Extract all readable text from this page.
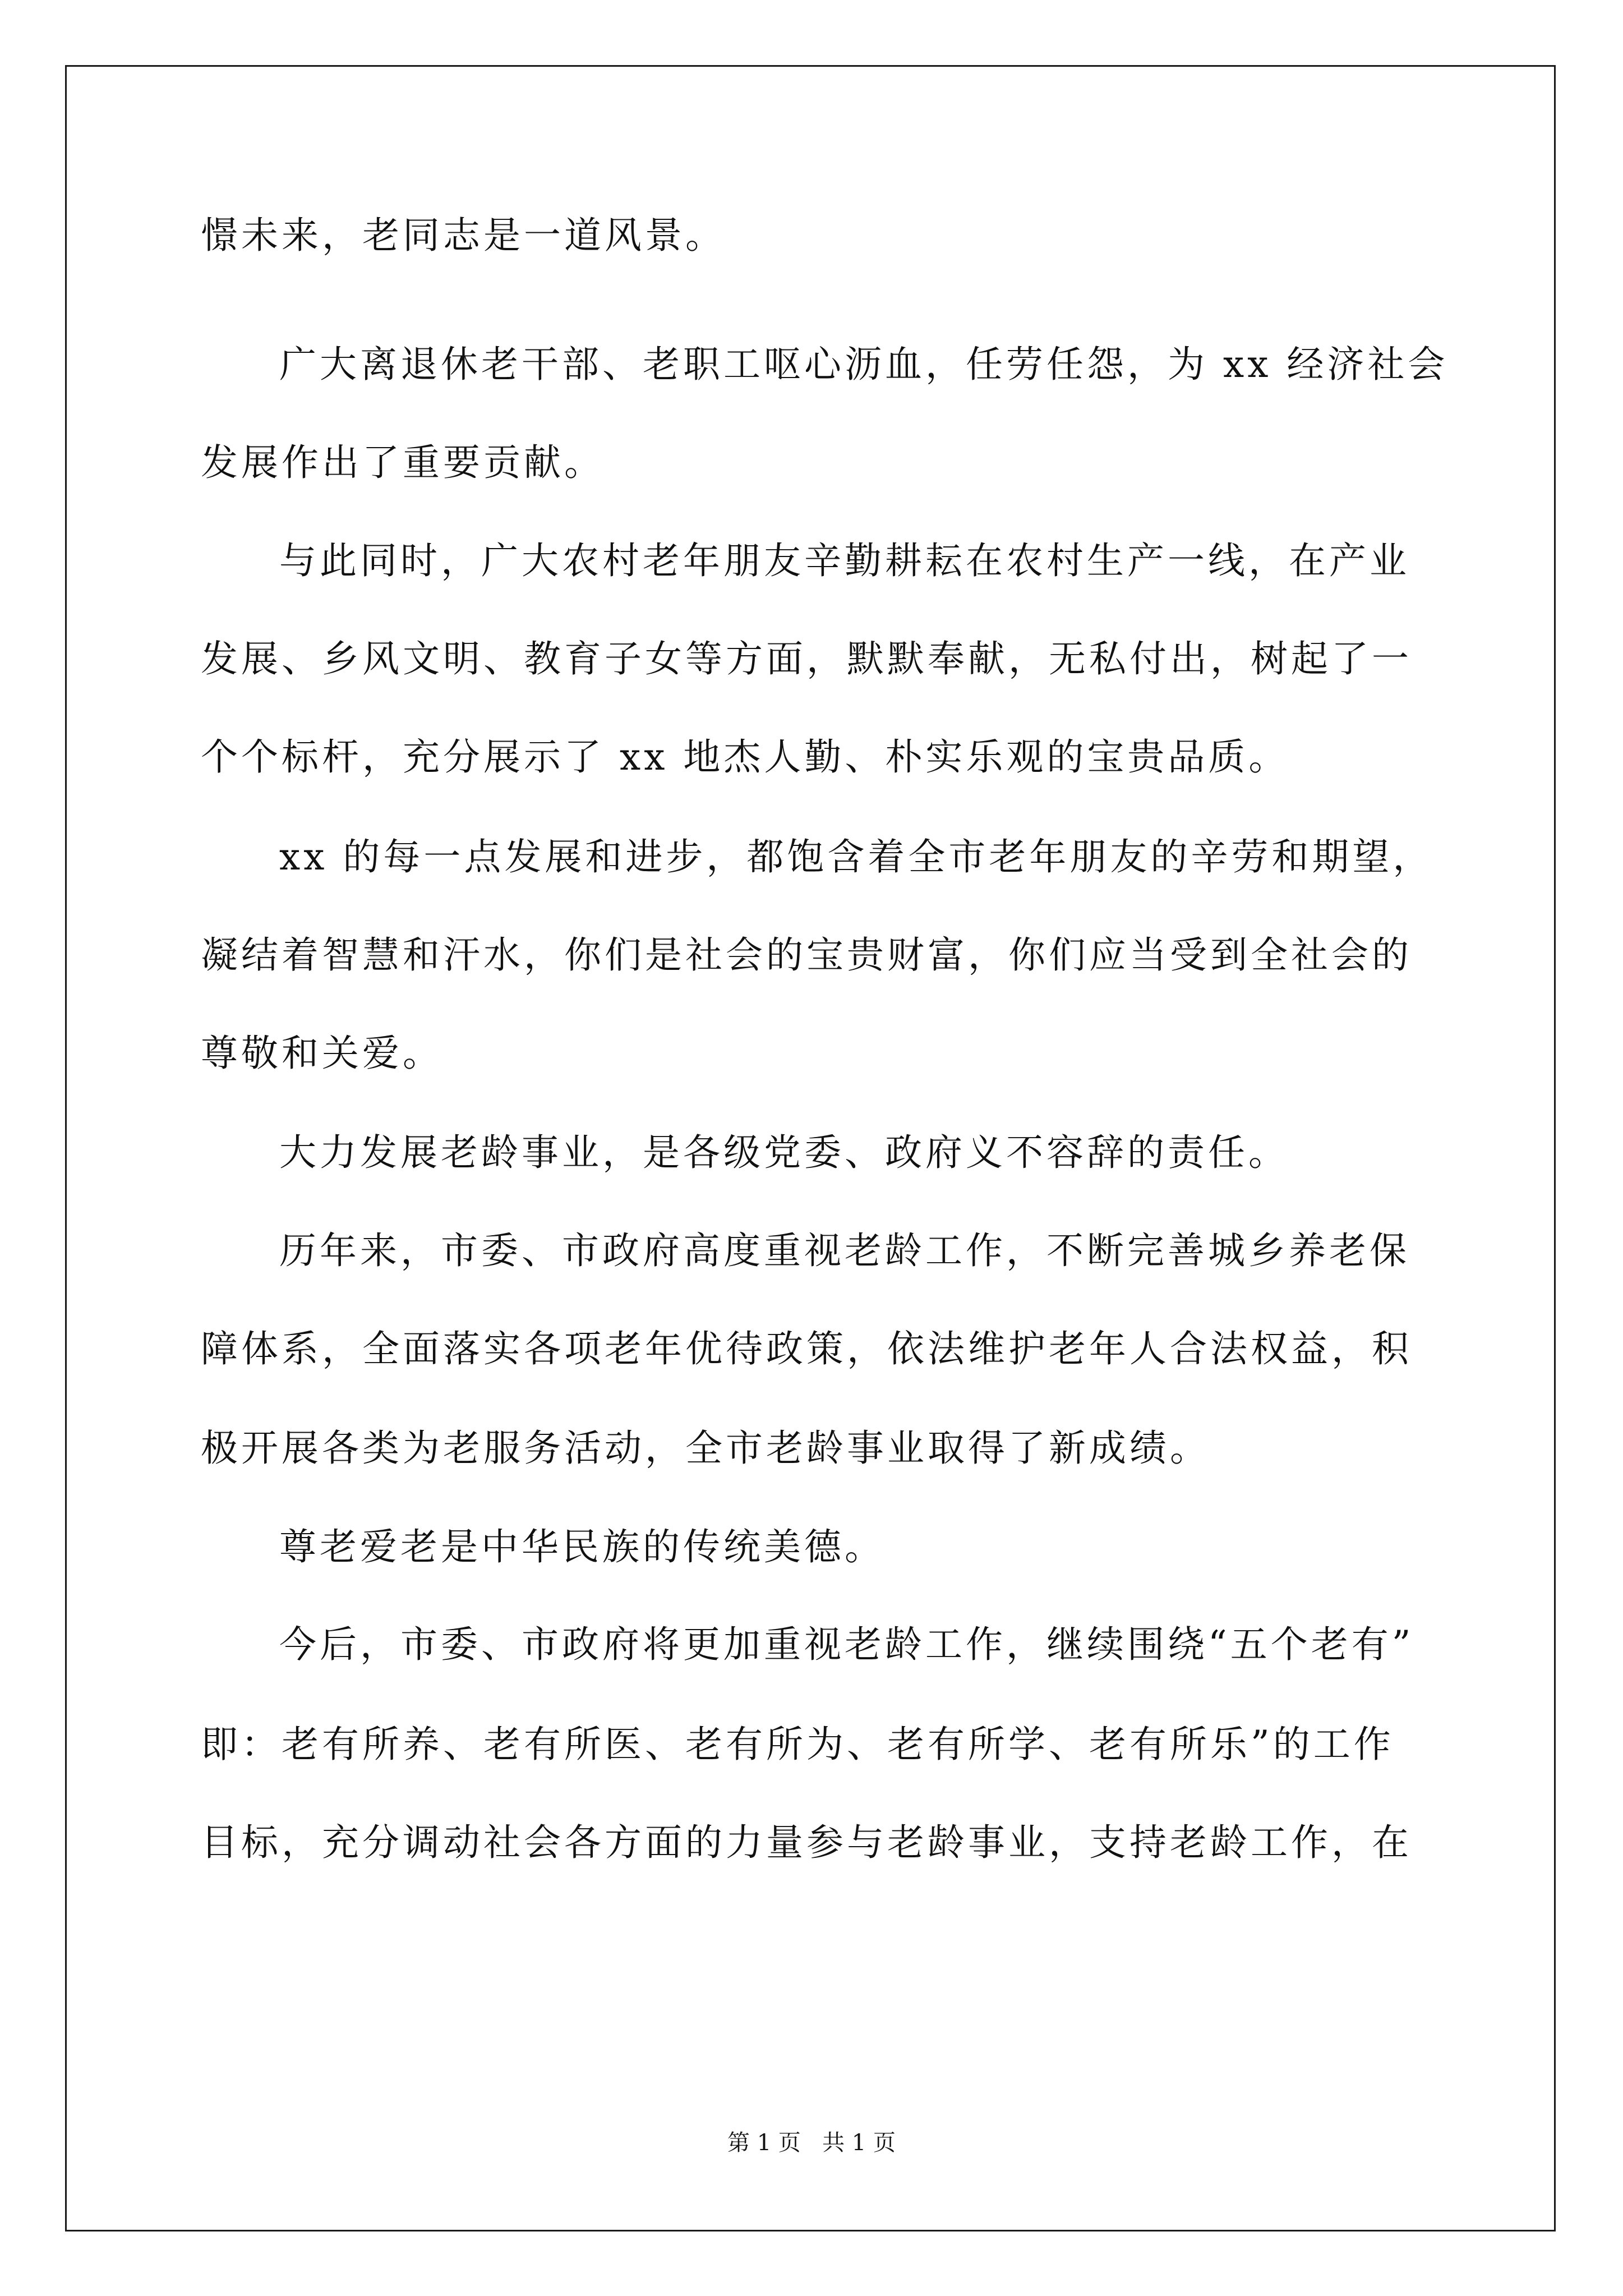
憬未来，老同志是一道风景。
广大离退休老干部、老职工呕心沥血，任劳任怨，为 xx 经济社会
发展作出了重要贡献。
与此同时，广大农村老年朋友辛勤耕耘在农村生产一线，在产业
发展、乡风文明、教育子女等方面，默默奉献，无私付出，树起了一
个个标杆，充分展示了 xx 地杰人勤、朴实乐观的宝贵品质。
xx 的每一点发展和进步，都饱含着全市老年朋友的辛劳和期望，
凝结着智慧和汗水，你们是社会的宝贵财富，你们应当受到全社会的
尊敬和关爱。
大力发展老龄事业，是各级党委、政府义不容辞的责任。
历年来，市委、市政府高度重视老龄工作，不断完善城乡养老保
障体系，全面落实各项老年优待政策，依法维护老年人合法权益，积
极开展各类为老服务活动，全市老龄事业取得了新成绩。
尊老爱老是中华民族的传统美德。
今后，市委、市政府将更加重视老龄工作，继续围绕“五个老有”
即：老有所养、老有所医、老有所为、老有所学、老有所乐”的工作
目标，充分调动社会各方面的力量参与老龄事业，支持老龄工作，在
第 1 页   共 1 页
